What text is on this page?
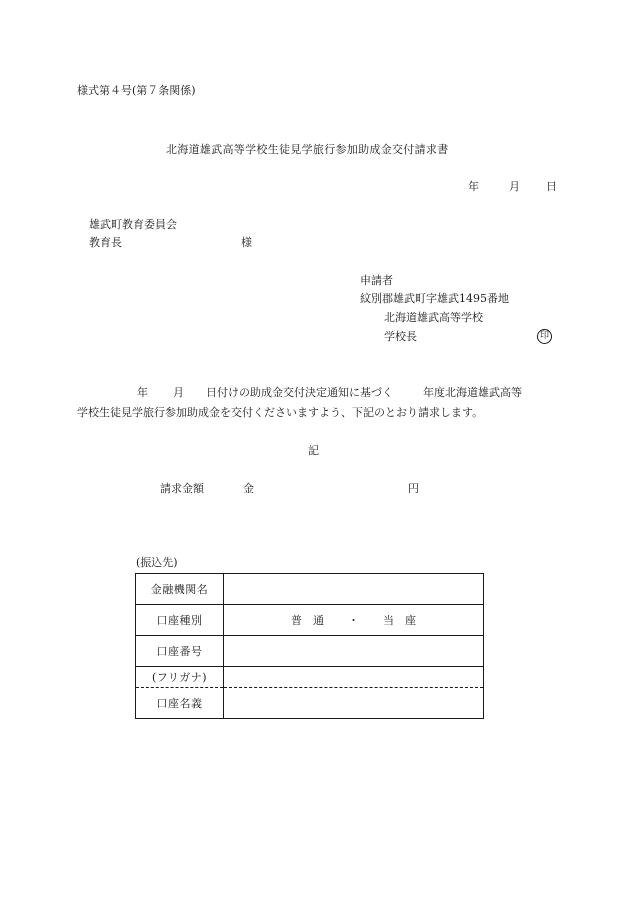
様式第４号(第７条関係)
北海道雄武高等学校生徒見学旅行参加助成金交付請求書
年	月 日
雄武町教育委員会
教育長	様
申請者
紋別郡雄武町字雄武1495番地
北海道雄武高等学校
学校長	印
年 月 日付けの助成金交付決定通知に基づく	年度北海道雄武高等
学校生徒見学旅行参加助成金を交付くださいますよう、下記のとおり請求します。
記
請求金額	金	円
(振込先)
金融機関名	
口座種別	普　通 ・ 当　座
口座番号	
(フリガナ)	
口座名義	
